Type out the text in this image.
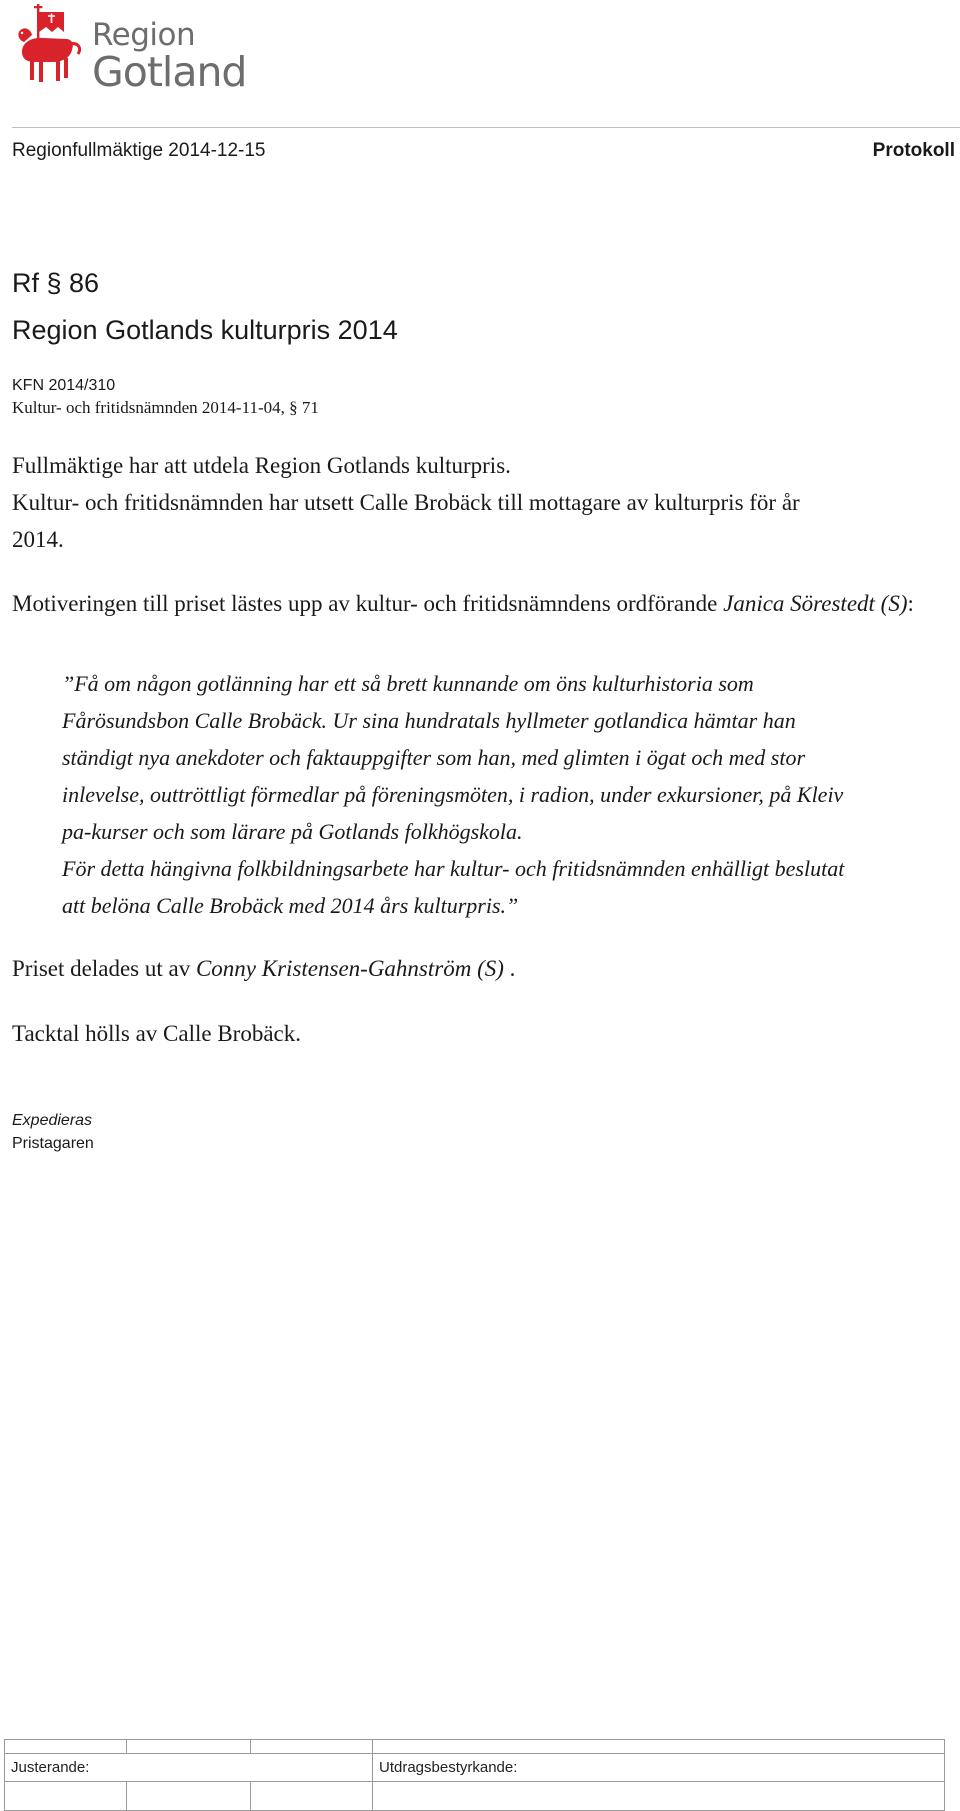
Region
Gotland
Regionfullmäktige 2014-12-15	Protokoll
Rf § 86
Region Gotlands kulturpris 2014
KFN 2014/310
Kultur- och fritidsnämnden 2014-11-04, § 71
Fullmäktige har att utdela Region Gotlands kulturpris.
Kultur- och fritidsnämnden har utsett Calle Brobäck till mottagare av kulturpris för år
2014.
Motiveringen till priset lästes upp av kultur- och fritidsnämndens ordförande Janica Sörestedt (S):
”Få om någon gotlänning har ett så brett kunnande om öns kulturhistoria som
Fårösundsbon Calle Brobäck. Ur sina hundratals hyllmeter gotlandica hämtar han
ständigt nya anekdoter och faktauppgifter som han, med glimten i ögat och med stor
inlevelse, outtröttligt förmedlar på föreningsmöten, i radion, under exkursioner, på Kleiv
pa-kurser och som lärare på Gotlands folkhögskola.
För detta hängivna folkbildningsarbete har kultur- och fritidsnämnden enhälligt beslutat
att belöna Calle Brobäck med 2014 års kulturpris.”
Priset delades ut av Conny Kristensen-Gahnström (S) .
Tacktal hölls av Calle Brobäck.
Expedieras
Pristagaren

Justerande:			Utdragsbestyrkande:
